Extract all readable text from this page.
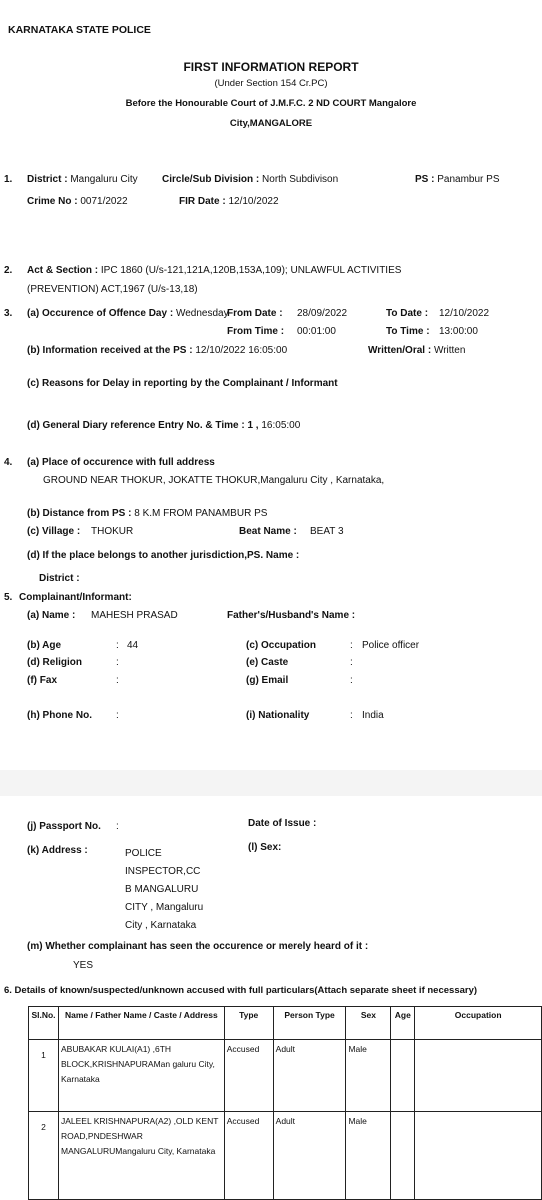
KARNATAKA STATE POLICE
FIRST INFORMATION REPORT
(Under Section 154 Cr.PC)
Before the Honourable Court of J.M.F.C. 2 ND COURT Mangalore
City,MANGALORE
1. District : Mangaluru City Circle/Sub Division : North Subdivison	PS : Panambur PS
Crime No : 0071/2022	FIR Date : 12/10/2022
2. Act & Section : IPC 1860 (U/s-121,121A,120B,153A,109); UNLAWFUL ACTIVITIES
(PREVENTION) ACT,1967 (U/s-13,18)
3. (a) Occurence of Offence Day : Wednesday
From Date : 28/09/2022	To Date : 12/10/2022
From Time : 00:01:00	To Time : 13:00:00
(b) Information received at the PS : 12/10/2022 16:05:00	Written/Oral : Written
(c) Reasons for Delay in reporting by the Complainant / Informant
(d) General Diary reference Entry No. & Time : 1 , 16:05:00
4. (a) Place of occurence with full address
GROUND NEAR THOKUR, JOKATTE THOKUR,Mangaluru City , Karnataka,
(b) Distance from PS : 8 K.M FROM PANAMBUR PS
(c) Village : THOKUR	Beat Name : BEAT 3
(d) If the place belongs to another jurisdiction,PS. Name :
District :
5. Complainant/Informant:
(a) Name : MAHESH PRASAD	Father's/Husband's Name :
(b) Age	: 44	(c) Occupation	: Police officer
(d) Religion	:	(e) Caste	:
(f) Fax	:	(g) Email	:
(h) Phone No. :	(i) Nationality	: India
(j) Passport No. :	Date of Issue :
(k) Address :	POLICE
INSPECTOR,CC
B MANGALURU
CITY , Mangaluru
City , Karnataka
(l) Sex:
(m) Whether complainant has seen the occurence or merely heard of it :
YES
6. Details of known/suspected/unknown accused with full particulars(Attach separate sheet if necessary)
Sl.No.	Name / Father Name / Caste / Address	Type	Person Type	Sex	Age	Occupation
1	ABUBAKAR KULAI(A1) ,6TH BLOCK,KRISHNAPURAMan galuru City, Karnataka	Accused	Adult	Male		
2	JALEEL KRISHNAPURA(A2) ,OLD KENT ROAD,PNDESHWAR MANGALURUMangaluru City, Karnataka	Accused	Adult	Male		
